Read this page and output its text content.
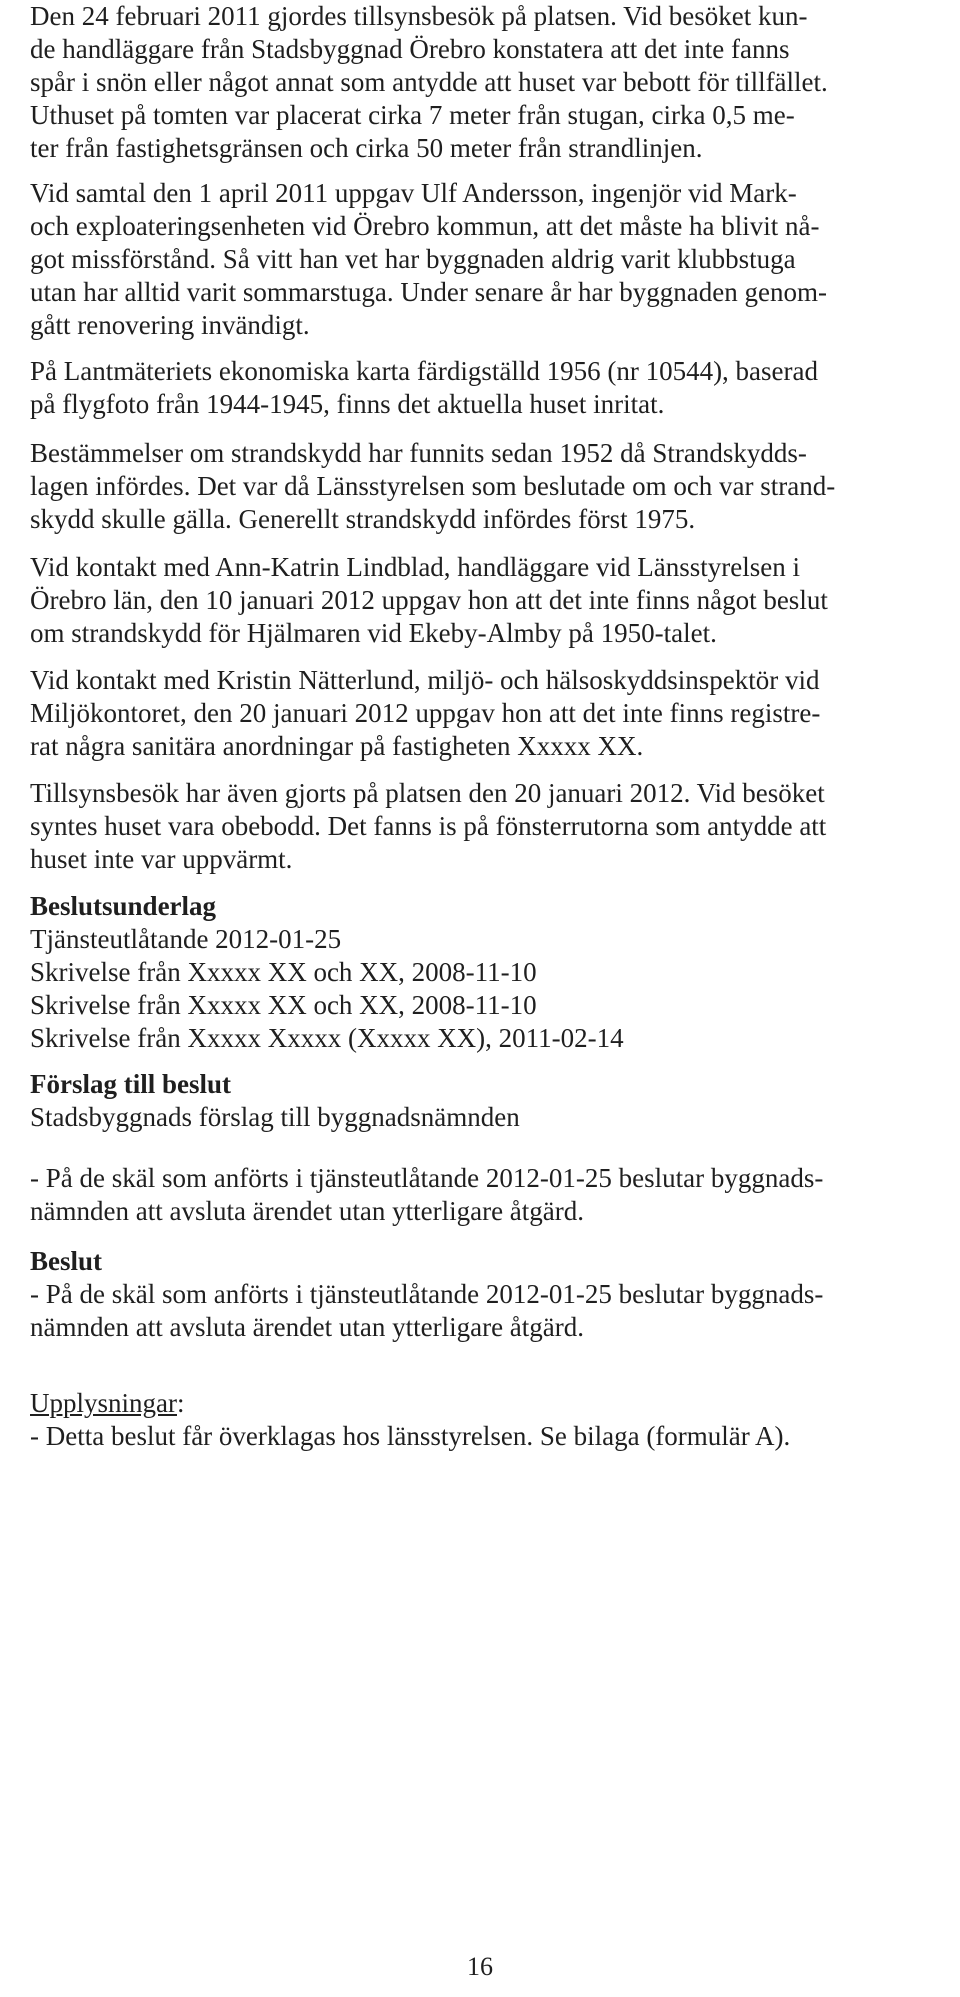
Den 24 februari 2011 gjordes tillsynsbesök på platsen. Vid besöket kun-
de handläggare från Stadsbyggnad Örebro konstatera att det inte fanns
spår i snön eller något annat som antydde att huset var bebott för tillfället.
Uthuset på tomten var placerat cirka 7 meter från stugan, cirka 0,5 me-
ter från fastighetsgränsen och cirka 50 meter från strandlinjen.

Vid samtal den 1 april 2011 uppgav Ulf Andersson, ingenjör vid Mark-
och exploateringsenheten vid Örebro kommun, att det måste ha blivit nå-
got missförstånd. Så vitt han vet har byggnaden aldrig varit klubbstuga
utan har alltid varit sommarstuga. Under senare år har byggnaden genom-
gått renovering invändigt.

På Lantmäteriets ekonomiska karta färdigställd 1956 (nr 10544), baserad
på flygfoto från 1944-1945, finns det aktuella huset inritat.

Bestämmelser om strandskydd har funnits sedan 1952 då Strandskydds-
lagen infördes. Det var då Länsstyrelsen som beslutade om och var strand-
skydd skulle gälla. Generellt strandskydd infördes först 1975.

Vid kontakt med Ann-Katrin Lindblad, handläggare vid Länsstyrelsen i
Örebro län, den 10 januari 2012 uppgav hon att det inte finns något beslut
om strandskydd för Hjälmaren vid Ekeby-Almby på 1950-talet.

Vid kontakt med Kristin Nätterlund, miljö- och hälsoskyddsinspektör vid
Miljökontoret, den 20 januari 2012 uppgav hon att det inte finns registre-
rat några sanitära anordningar på fastigheten Xxxxx XX.

Tillsynsbesök har även gjorts på platsen den 20 januari 2012. Vid besöket
syntes huset vara obebodd. Det fanns is på fönsterrutorna som antydde att
huset inte var uppvärmt.

Beslutsunderlag
Tjänsteutlåtande 2012-01-25
Skrivelse från Xxxxx XX och XX, 2008-11-10
Skrivelse från Xxxxx XX och XX, 2008-11-10
Skrivelse från Xxxxx Xxxxx (Xxxxx XX), 2011-02-14
Förslag till beslut
Stadsbyggnads förslag till byggnadsnämnden

- På de skäl som anförts i tjänsteutlåtande 2012-01-25 beslutar byggnads-
nämnden att avsluta ärendet utan ytterligare åtgärd.

Beslut
- På de skäl som anförts i tjänsteutlåtande 2012-01-25 beslutar byggnads-
nämnden att avsluta ärendet utan ytterligare åtgärd.
Upplysningar:
- Detta beslut får överklagas hos länsstyrelsen. Se bilaga (formulär A).
16
